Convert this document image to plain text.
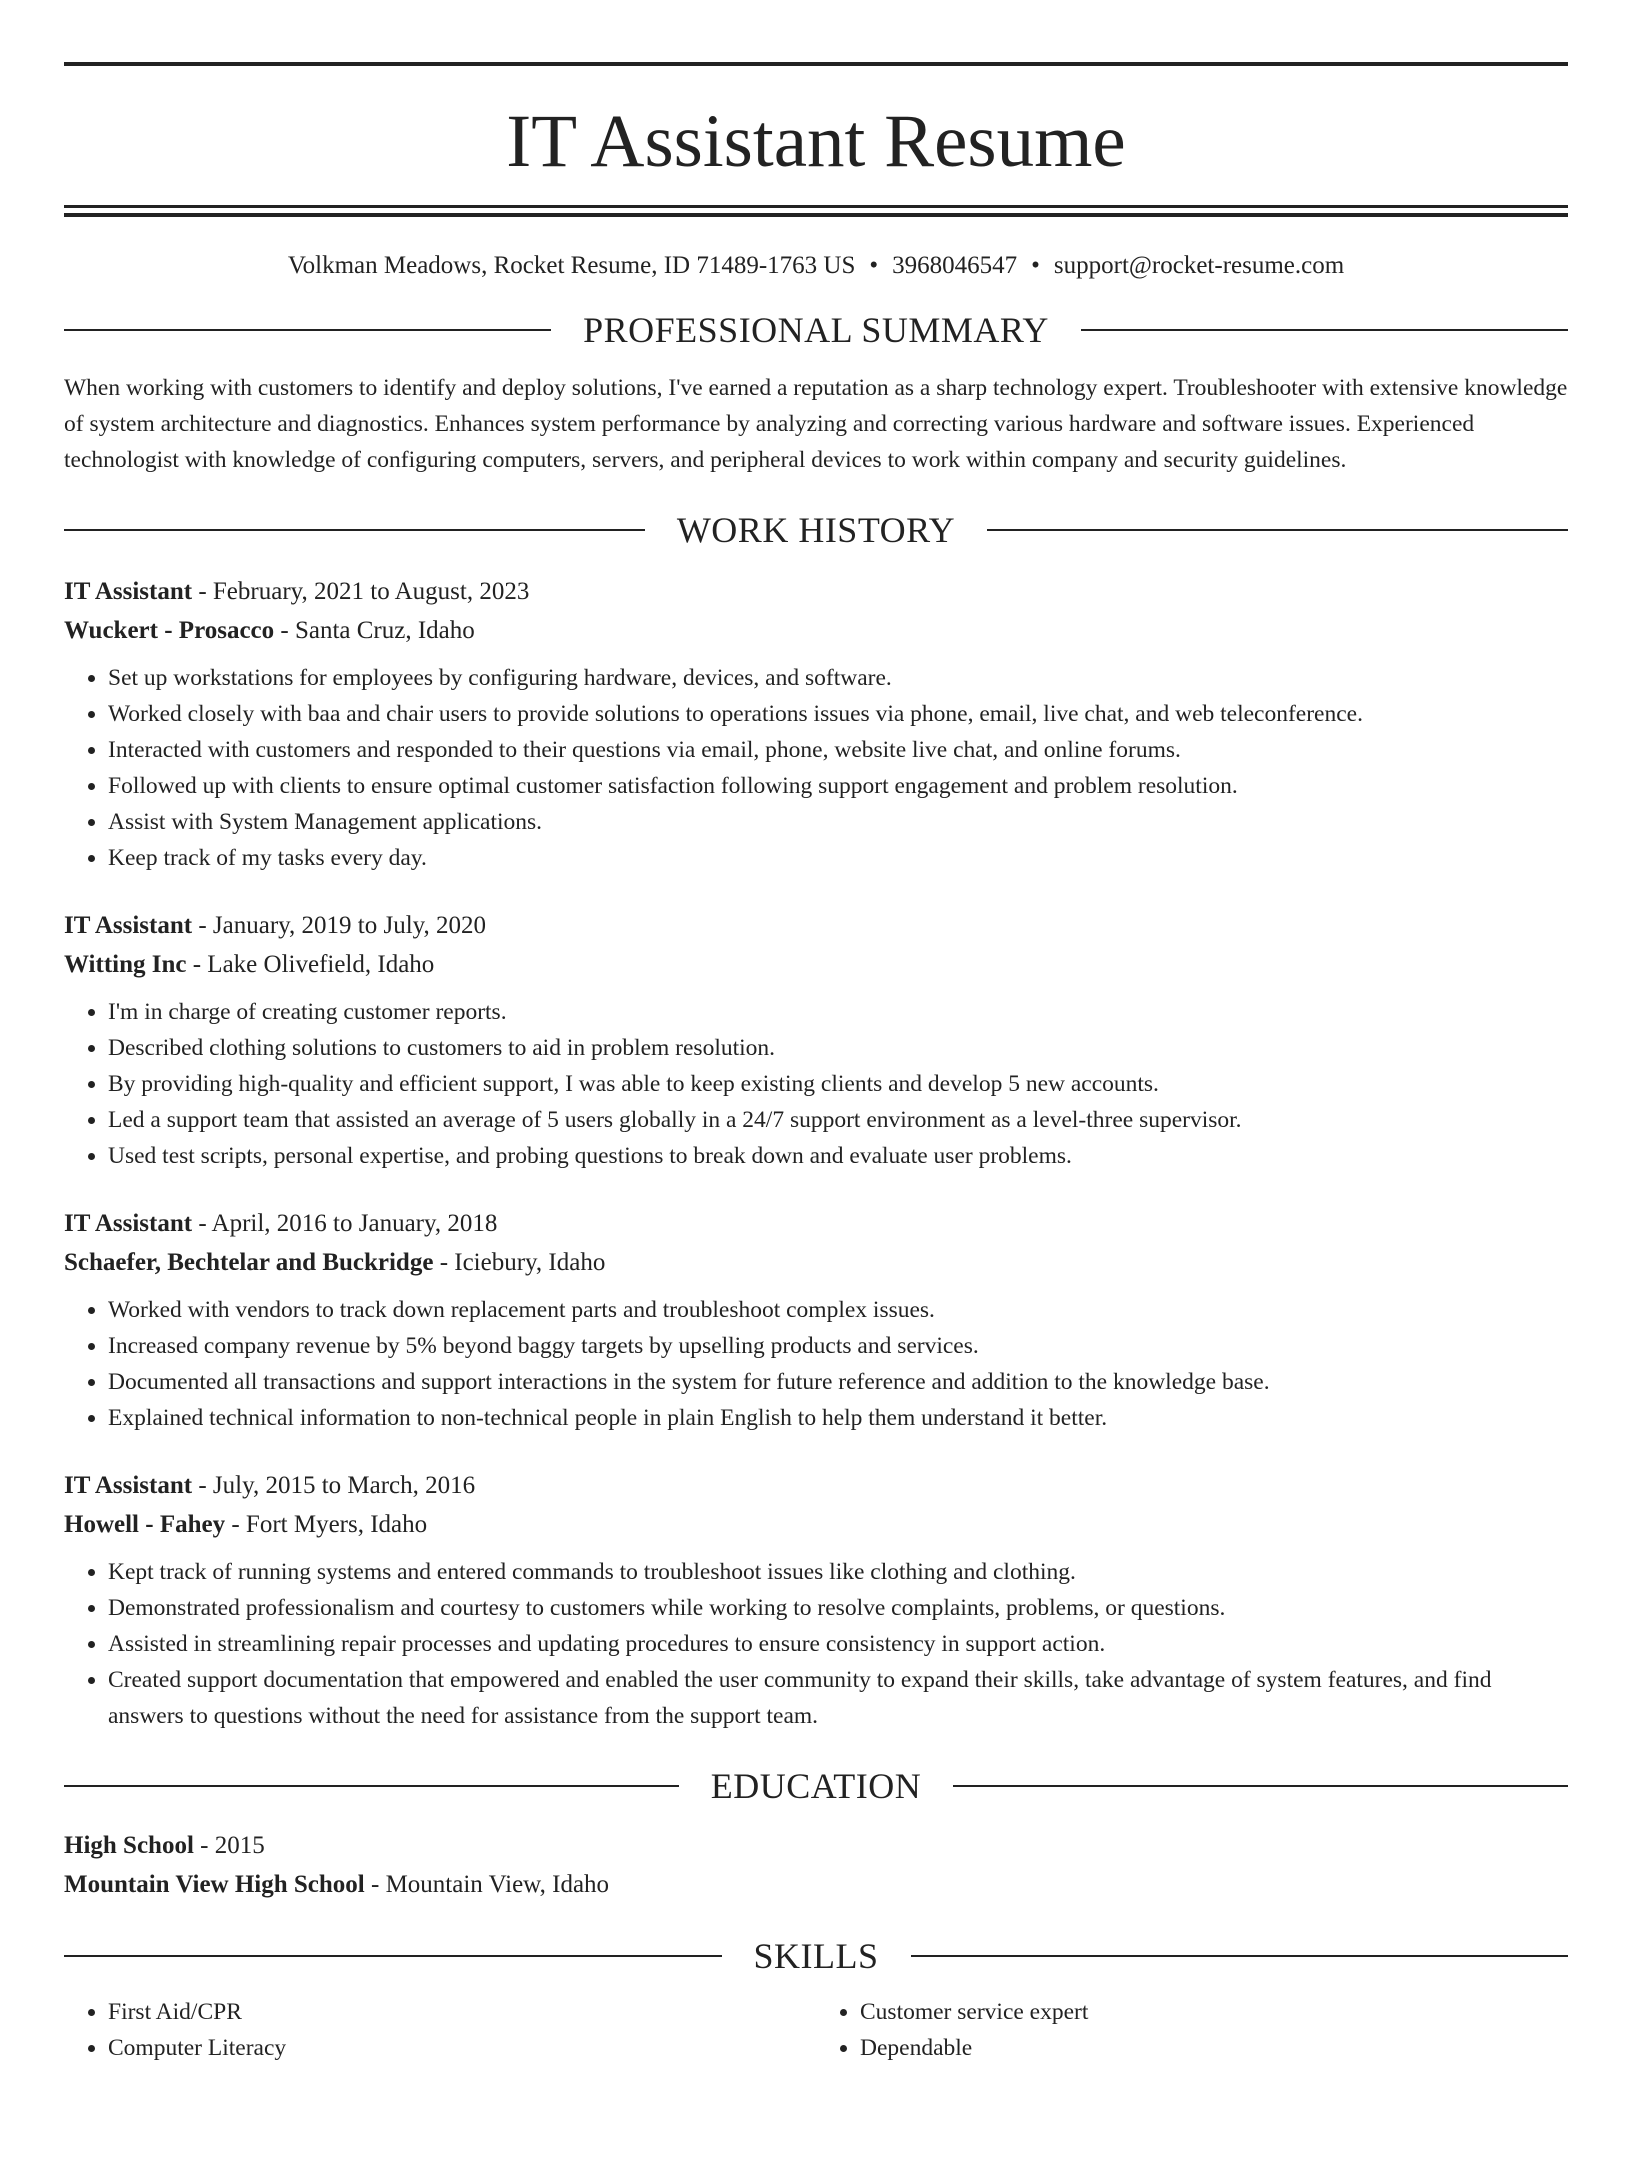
IT Assistant Resume
Volkman Meadows, Rocket Resume, ID 71489-1763 US • 3968046547 • support@rocket-resume.com
PROFESSIONAL SUMMARY

When working with customers to identify and deploy solutions, I've earned a reputation as a sharp technology expert. Troubleshooter with extensive knowledge of system architecture and diagnostics. Enhances system performance by analyzing and correcting various hardware and software issues. Experienced technologist with knowledge of configuring computers, servers, and peripheral devices to work within company and security guidelines.

WORK HISTORY
IT Assistant - February, 2021 to August, 2023
Wuckert - Prosacco - Santa Cruz, Idaho
• Set up workstations for employees by configuring hardware, devices, and software.
• Worked closely with baa and chair users to provide solutions to operations issues via phone, email, live chat, and web teleconference.
• Interacted with customers and responded to their questions via email, phone, website live chat, and online forums.
• Followed up with clients to ensure optimal customer satisfaction following support engagement and problem resolution.
• Assist with System Management applications.
• Keep track of my tasks every day.
IT Assistant - January, 2019 to July, 2020
Witting Inc - Lake Olivefield, Idaho
• I'm in charge of creating customer reports.
• Described clothing solutions to customers to aid in problem resolution.
• By providing high-quality and efficient support, I was able to keep existing clients and develop 5 new accounts.
• Led a support team that assisted an average of 5 users globally in a 24/7 support environment as a level-three supervisor.
• Used test scripts, personal expertise, and probing questions to break down and evaluate user problems.
IT Assistant - April, 2016 to January, 2018
Schaefer, Bechtelar and Buckridge - Iciebury, Idaho
• Worked with vendors to track down replacement parts and troubleshoot complex issues.
• Increased company revenue by 5% beyond baggy targets by upselling products and services.
• Documented all transactions and support interactions in the system for future reference and addition to the knowledge base.
• Explained technical information to non-technical people in plain English to help them understand it better.
IT Assistant - July, 2015 to March, 2016
Howell - Fahey - Fort Myers, Idaho
• Kept track of running systems and entered commands to troubleshoot issues like clothing and clothing.
• Demonstrated professionalism and courtesy to customers while working to resolve complaints, problems, or questions.
• Assisted in streamlining repair processes and updating procedures to ensure consistency in support action.
• Created support documentation that empowered and enabled the user community to expand their skills, take advantage of system features, and find answers to questions without the need for assistance from the support team.
EDUCATION
High School - 2015
Mountain View High School - Mountain View, Idaho
SKILLS
• First Aid/CPR
• Computer Literacy
• Customer service expert
• Dependable
